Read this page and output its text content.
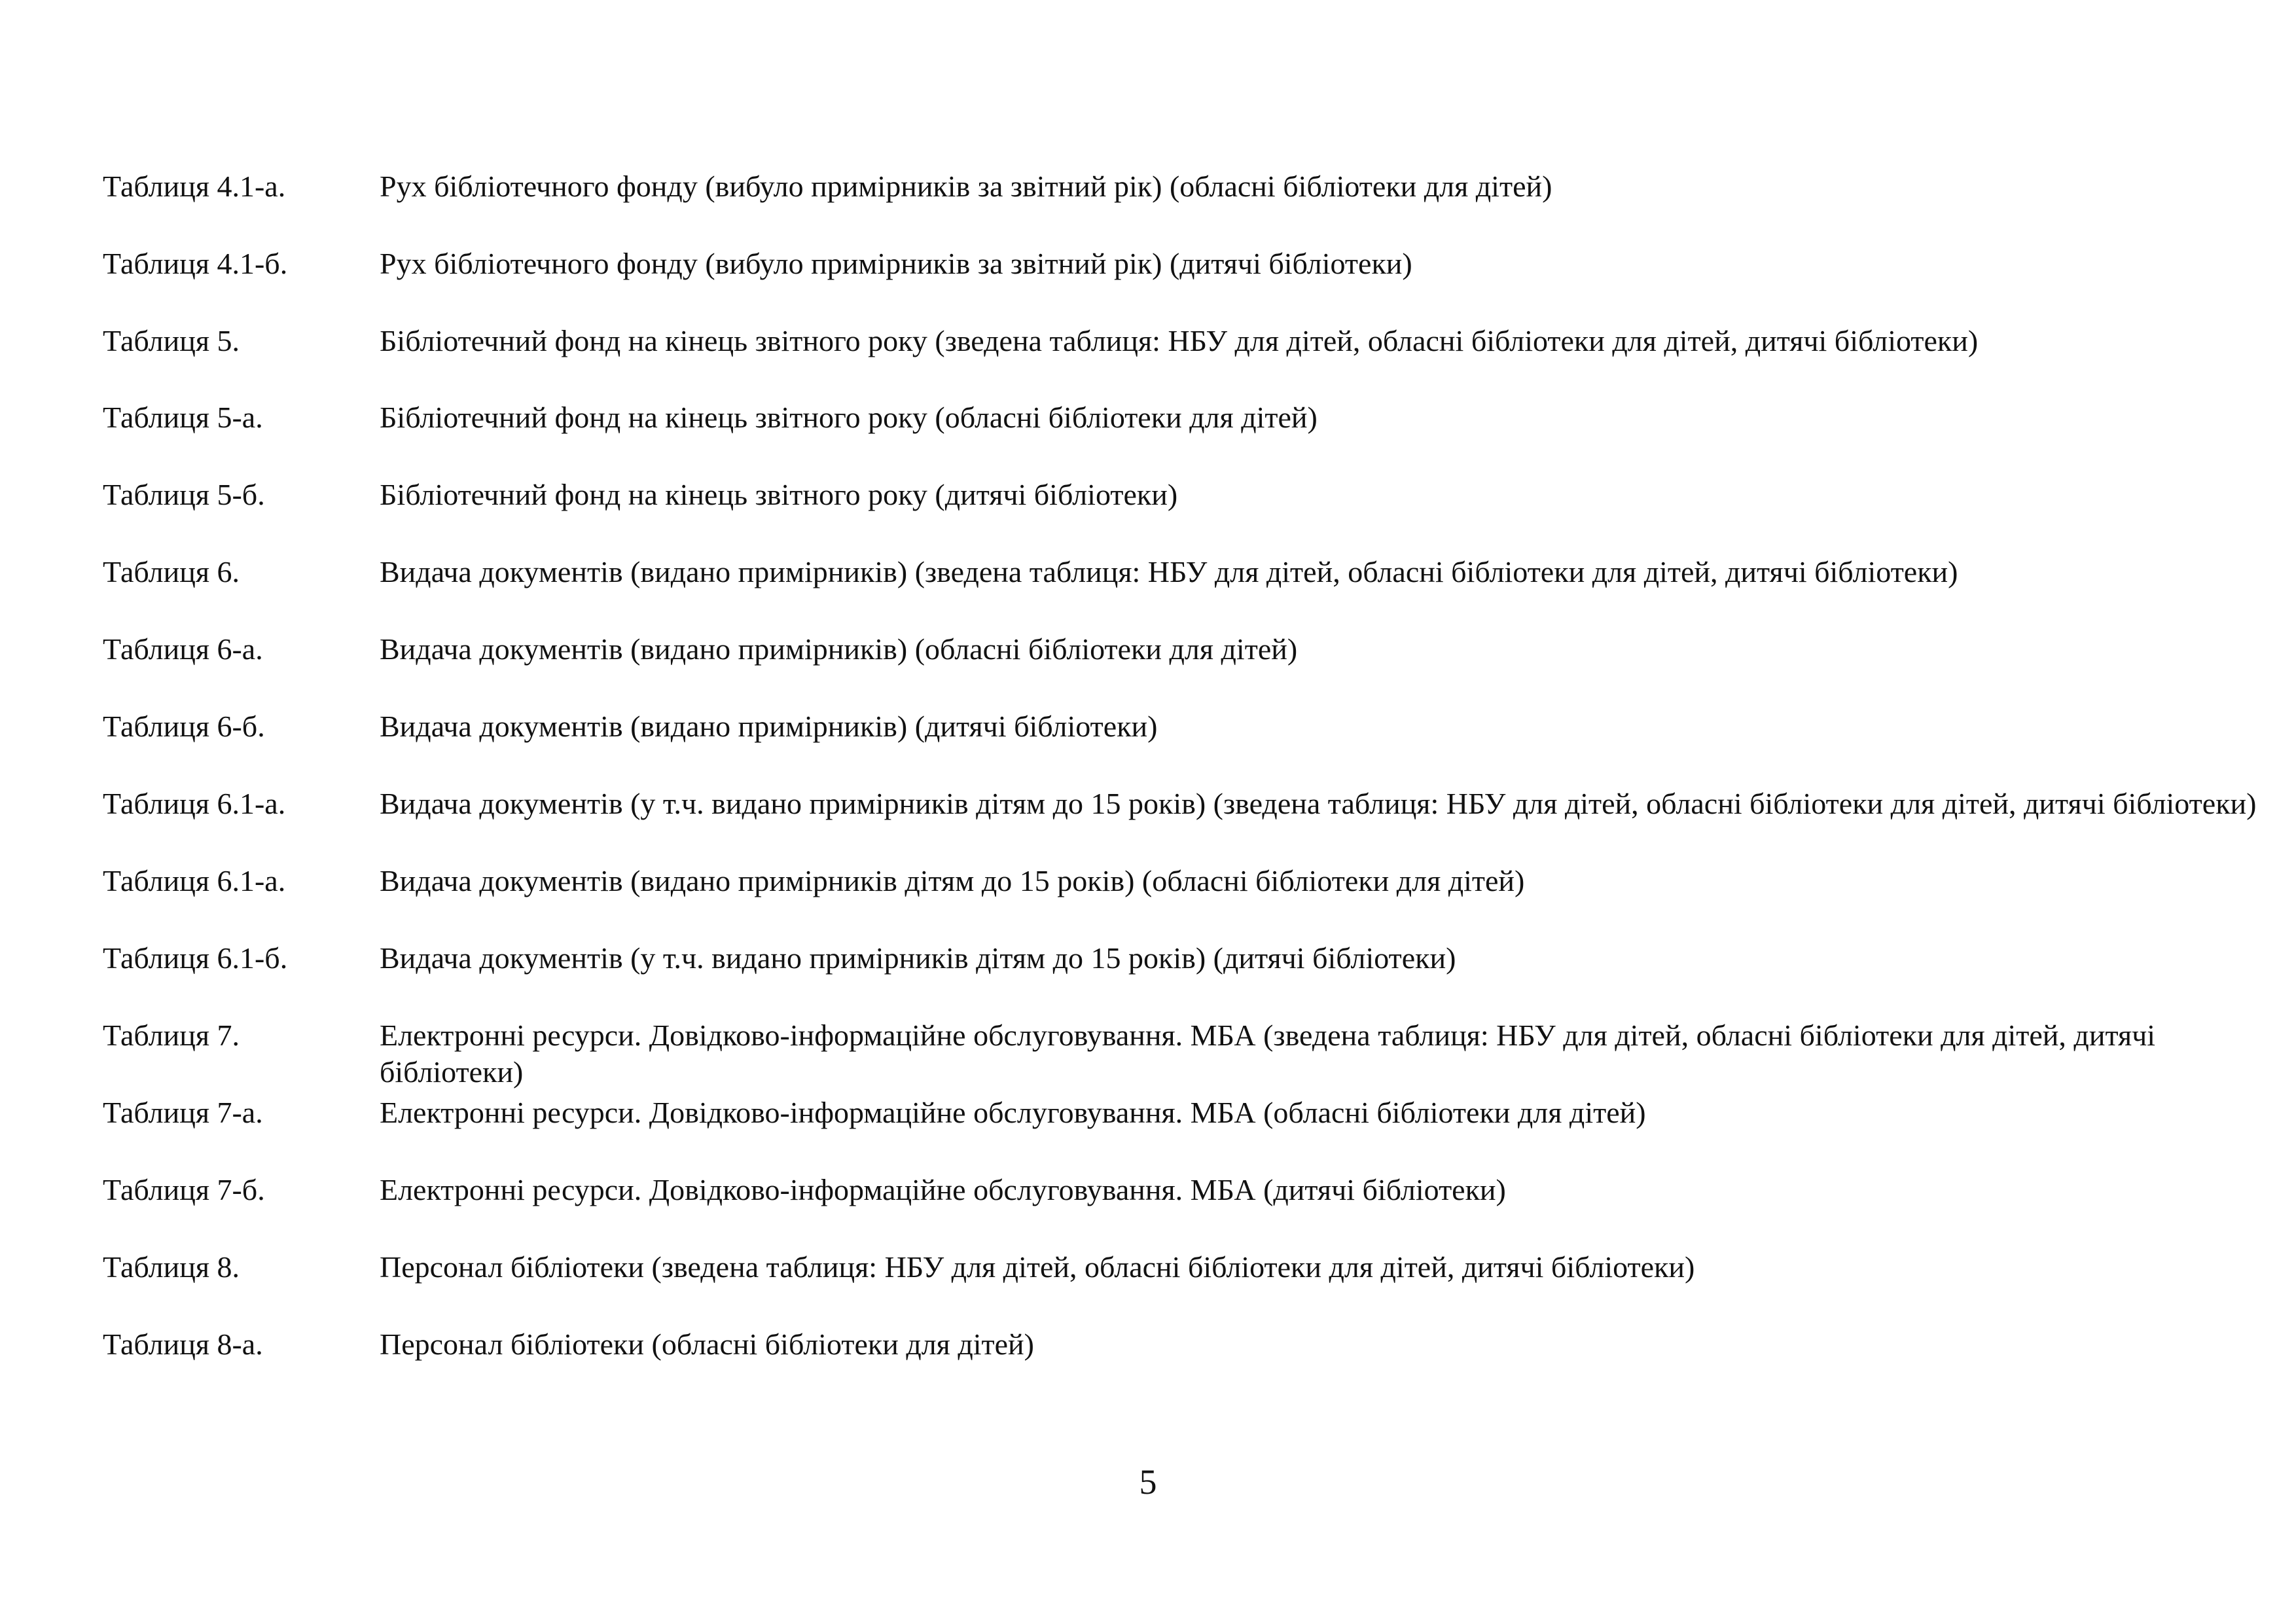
Таблиця 4.1-а.	Рух бібліотечного фонду (вибуло примірників за звітний рік) (обласні бібліотеки для дітей)
Таблиця 4.1-б.	Рух бібліотечного фонду (вибуло примірників за звітний рік) (дитячі бібліотеки)
Таблиця 5.	Бібліотечний фонд на кінець звітного року (зведена таблиця: НБУ для дітей, обласні бібліотеки для дітей, дитячі бібліотеки)
Таблиця 5-а.	Бібліотечний фонд на кінець звітного року (обласні бібліотеки для дітей)
Таблиця 5-б.	Бібліотечний фонд на кінець звітного року (дитячі бібліотеки)
Таблиця 6.	Видача документів (видано примірників) (зведена таблиця: НБУ для дітей, обласні бібліотеки для дітей, дитячі бібліотеки)
Таблиця 6-а.	Видача документів (видано примірників) (обласні бібліотеки для дітей)
Таблиця 6-б.	Видача документів (видано примірників) (дитячі бібліотеки)
Таблиця 6.1-а.	Видача документів (у т.ч. видано примірників дітям до 15 років) (зведена таблиця: НБУ для дітей, обласні бібліотеки для дітей, дитячі бібліотеки)
Таблиця 6.1-а.	Видача документів (видано примірників дітям до 15 років) (обласні бібліотеки для дітей)
Таблиця 6.1-б.	Видача документів (у т.ч. видано примірників дітям до 15 років) (дитячі бібліотеки)
Таблиця 7.	Електронні ресурси. Довідково-інформаційне обслуговування. МБА (зведена таблиця: НБУ для дітей, обласні бібліотеки для дітей, дитячі бібліотеки)
Таблиця 7-а.	Електронні ресурси. Довідково-інформаційне обслуговування. МБА (обласні бібліотеки для дітей)
Таблиця 7-б.	Електронні ресурси. Довідково-інформаційне обслуговування. МБА (дитячі бібліотеки)
Таблиця 8.	Персонал бібліотеки (зведена таблиця: НБУ для дітей, обласні бібліотеки для дітей, дитячі бібліотеки)
Таблиця 8-а.	Персонал бібліотеки (обласні бібліотеки для дітей)
5
